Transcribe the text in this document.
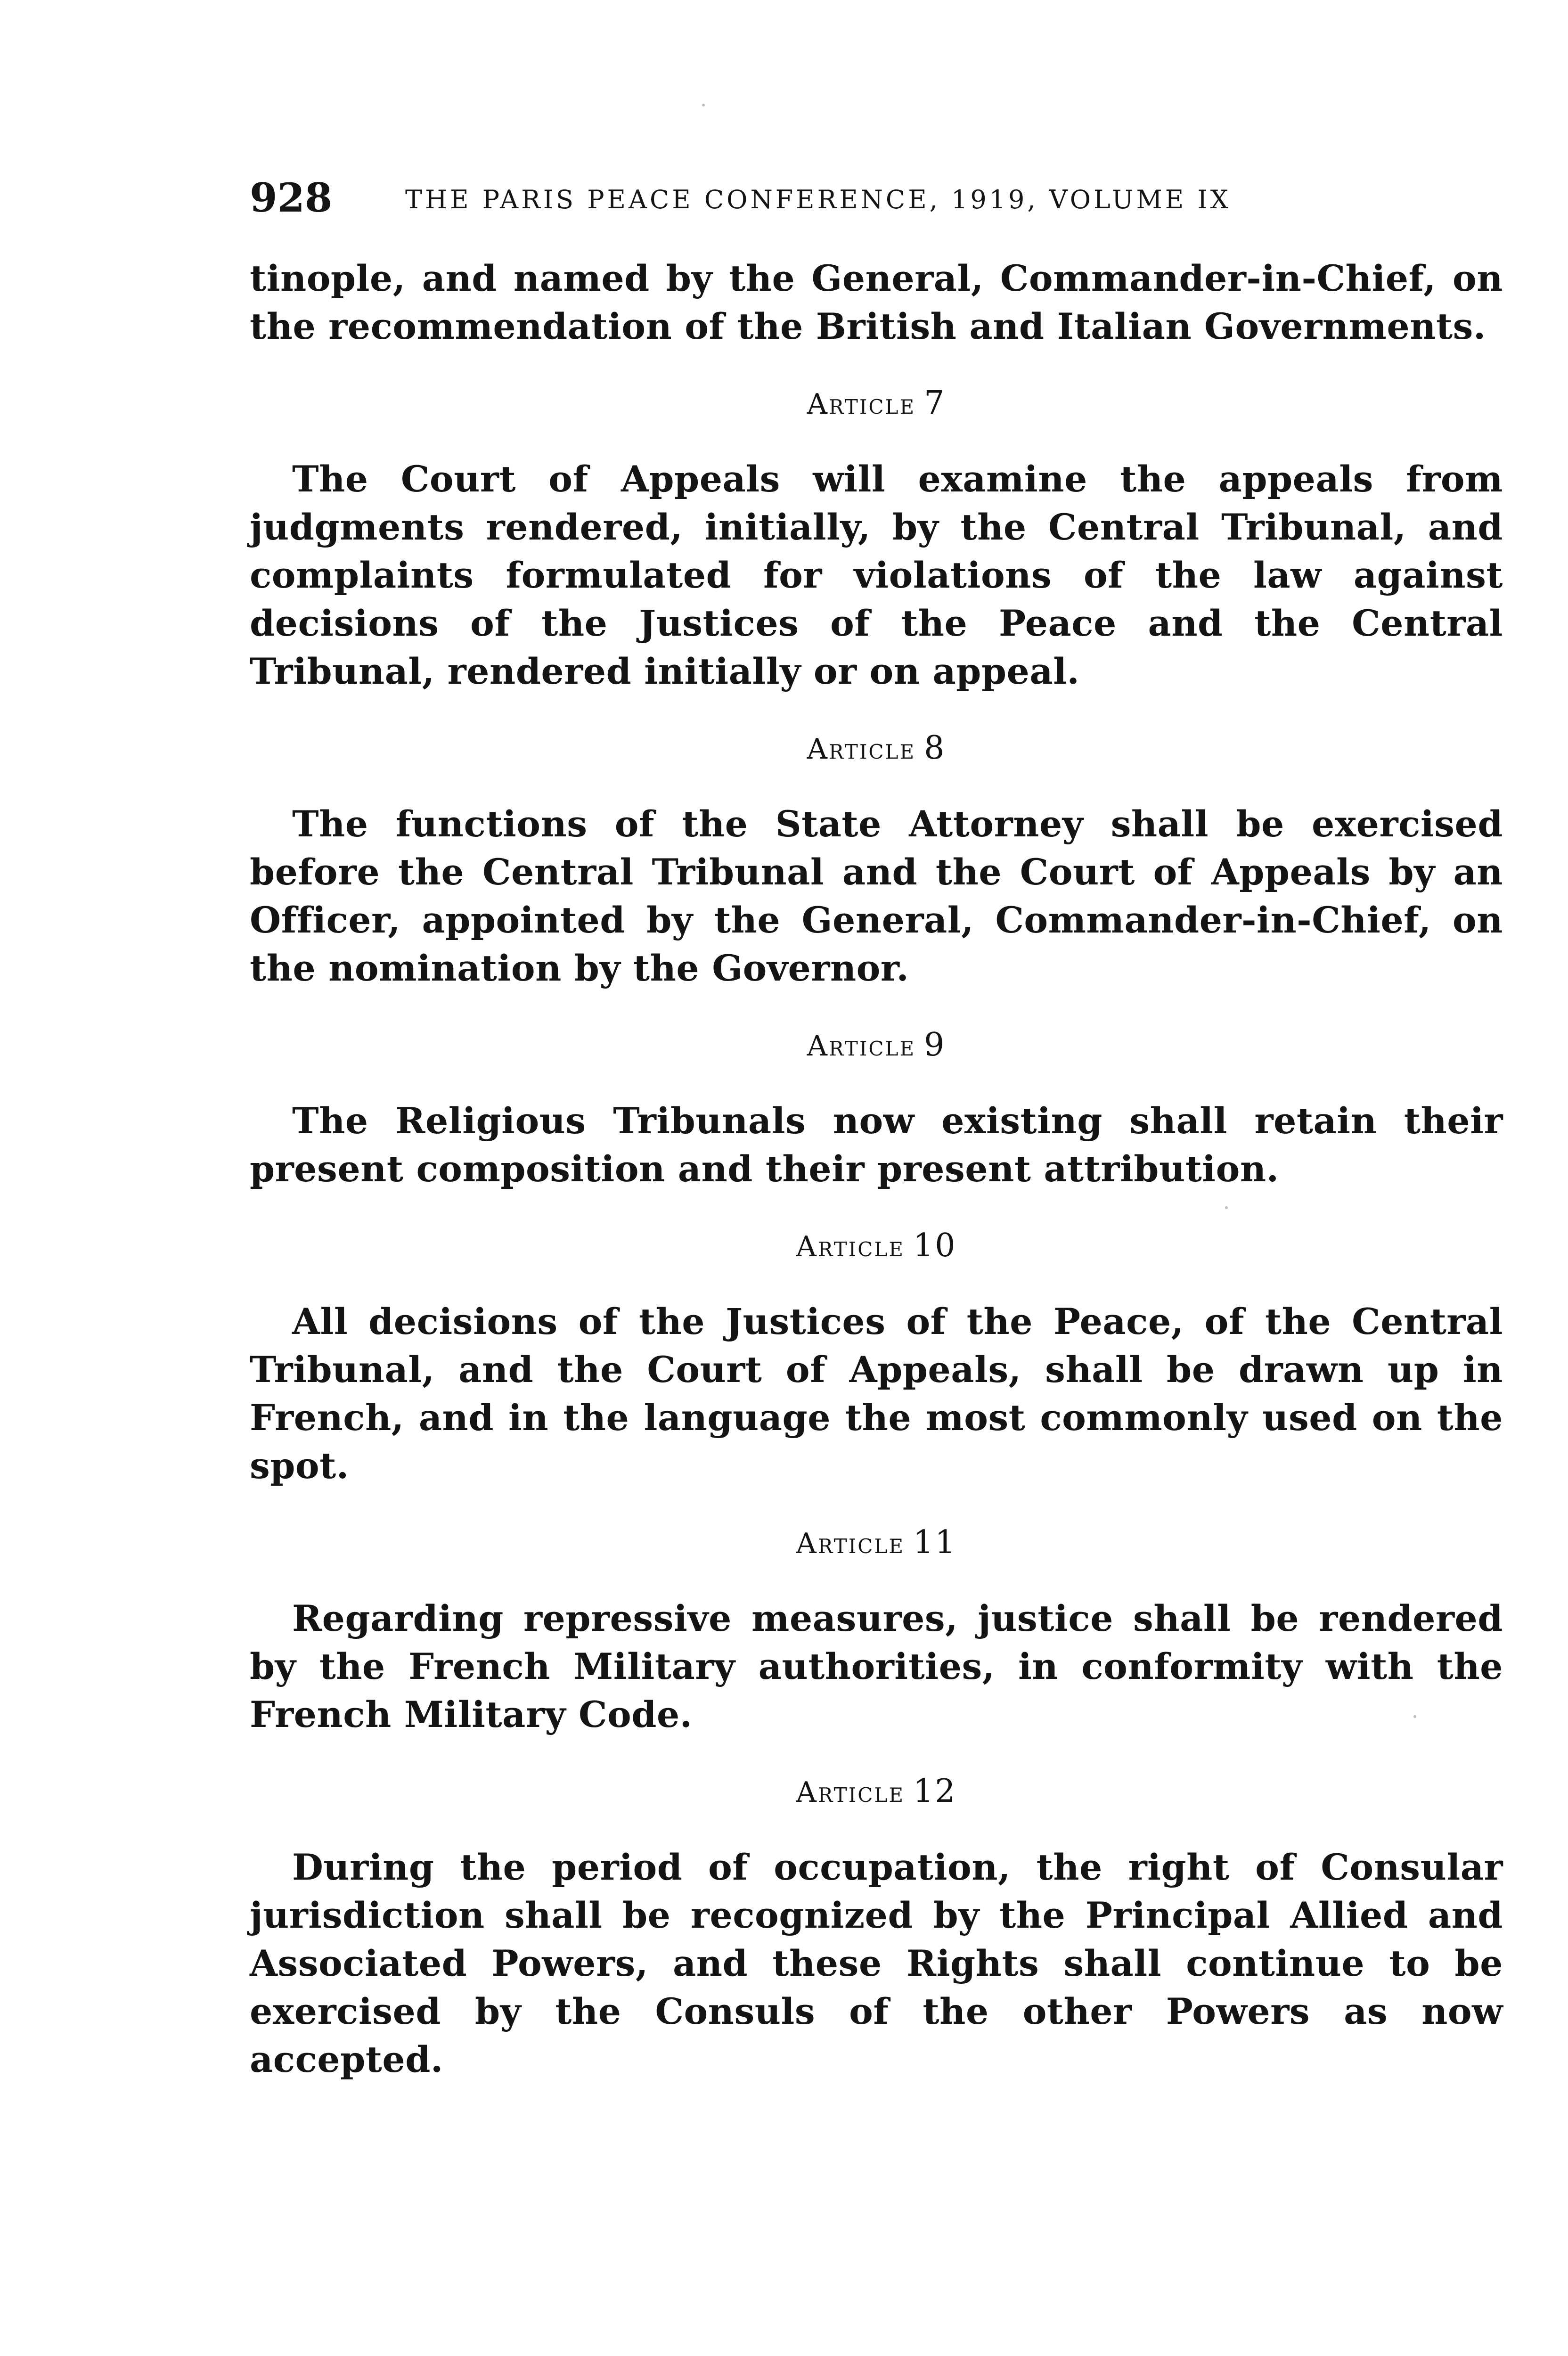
928	THE PARIS PEACE CONFERENCE, 1919, VOLUME IX

tinople, and named by the General, Commander-in-Chief, on the recommendation of the British and Italian Governments.

Article 7

The Court of Appeals will examine the appeals from judgments rendered, initially, by the Central Tribunal, and complaints formulated for violations of the law against decisions of the Justices of the Peace and the Central Tribunal, rendered initially or on appeal.

Article 8

The functions of the State Attorney shall be exercised before the Central Tribunal and the Court of Appeals by an Officer, appointed by the General, Commander-in-Chief, on the nomination by the Governor.

Article 9

The Religious Tribunals now existing shall retain their present composition and their present attribution.

Article 10

All decisions of the Justices of the Peace, of the Central Tribunal, and the Court of Appeals, shall be drawn up in French, and in the language the most commonly used on the spot.

Article 11

Regarding repressive measures, justice shall be rendered by the French Military authorities, in conformity with the French Military Code.

Article 12

During the period of occupation, the right of Consular jurisdiction shall be recognized by the Principal Allied and Associated Powers, and these Rights shall continue to be exercised by the Consuls of the other Powers as now accepted.
